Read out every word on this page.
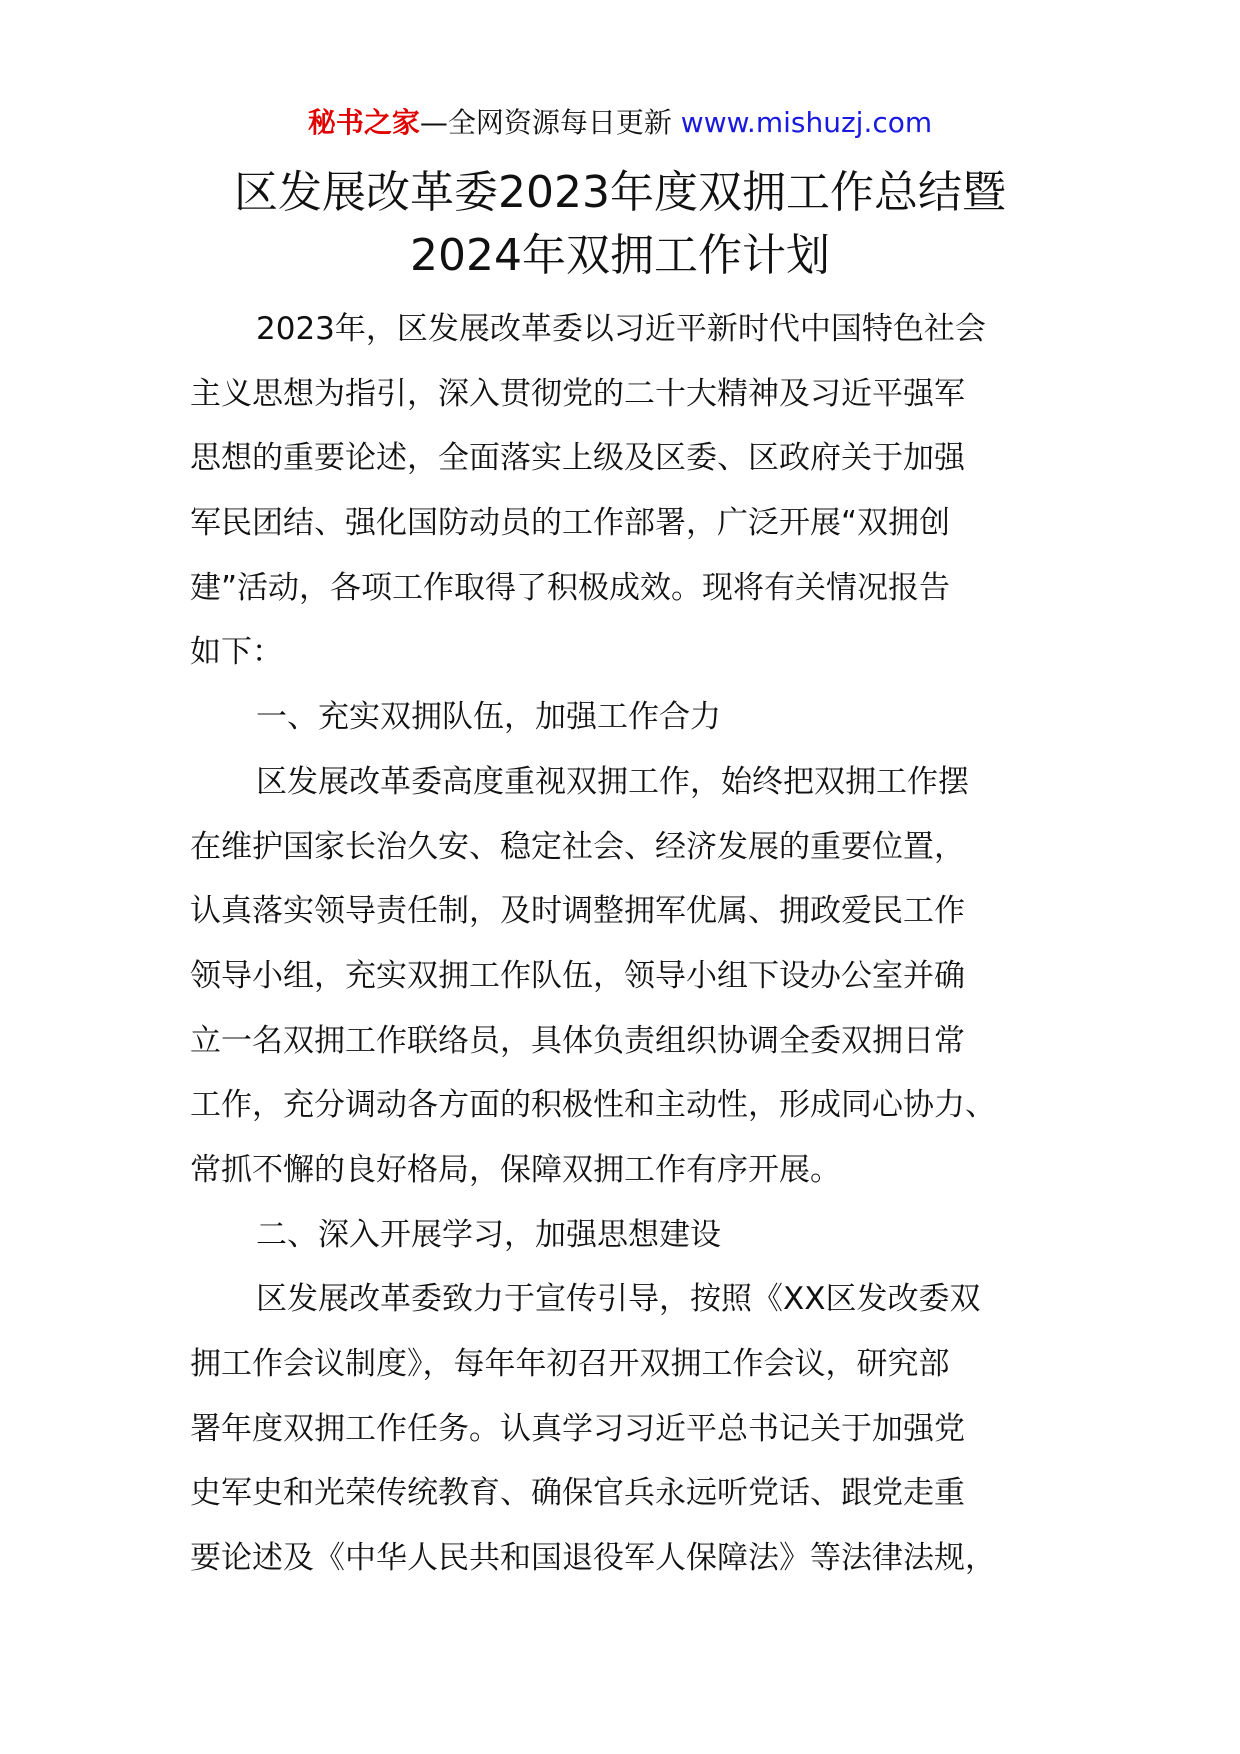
秘书之家—全网资源每日更新 www.mishuzj.com
区发展改革委2023年度双拥工作总结暨
2024年双拥工作计划
2023年，区发展改革委以习近平新时代中国特色社会
主义思想为指引，深入贯彻党的二十大精神及习近平强军
思想的重要论述，全面落实上级及区委、区政府关于加强
军民团结、强化国防动员的工作部署，广泛开展“双拥创
建”活动，各项工作取得了积极成效。现将有关情况报告
如下：
一、充实双拥队伍，加强工作合力
区发展改革委高度重视双拥工作，始终把双拥工作摆
在维护国家长治久安、稳定社会、经济发展的重要位置，
认真落实领导责任制，及时调整拥军优属、拥政爱民工作
领导小组，充实双拥工作队伍，领导小组下设办公室并确
立一名双拥工作联络员，具体负责组织协调全委双拥日常
工作，充分调动各方面的积极性和主动性，形成同心协力、
常抓不懈的良好格局，保障双拥工作有序开展。
二、深入开展学习，加强思想建设
区发展改革委致力于宣传引导，按照《XX区发改委双
拥工作会议制度》，每年年初召开双拥工作会议，研究部
署年度双拥工作任务。认真学习习近平总书记关于加强党
史军史和光荣传统教育、确保官兵永远听党话、跟党走重
要论述及《中华人民共和国退役军人保障法》等法律法规，
